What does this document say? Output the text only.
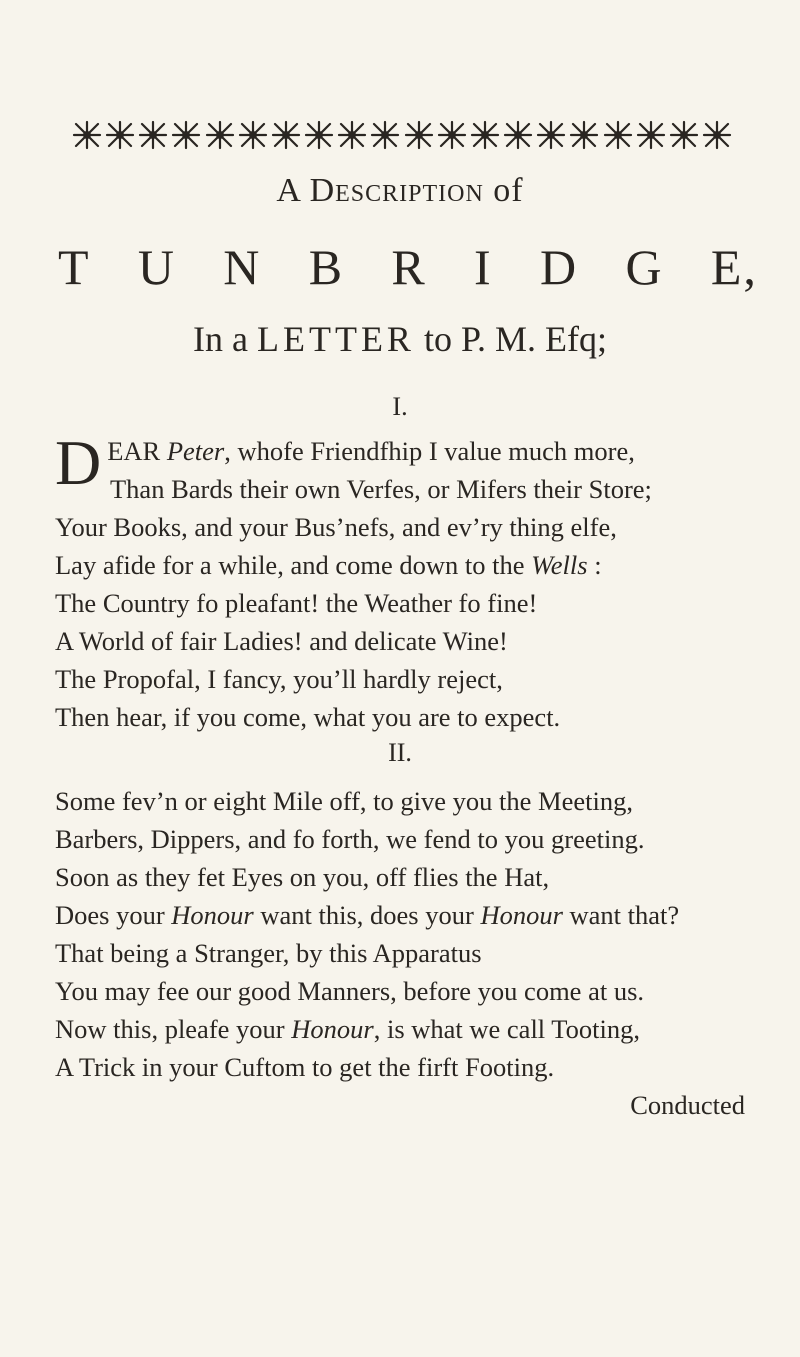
A Description of
T U N B R I D G E,
In a LETTER to P. M. Efq;
I.
DEAR Peter, whofe Friendfhip I value much more,
Than Bards their own Verfes, or Mifers their Store;
Your Books, and your Bus’nefs, and ev’ry thing elfe,
Lay afide for a while, and come down to the Wells :
The Country fo pleafant! the Weather fo fine!
A World of fair Ladies! and delicate Wine!
The Propofal, I fancy, you’ll hardly reject,
Then hear, if you come, what you are to expect.
II.
Some fev’n or eight Mile off, to give you the Meeting,
Barbers, Dippers, and fo forth, we fend to you greeting.
Soon as they fet Eyes on you, off flies the Hat,
Does your Honour want this, does your Honour want that?
That being a Stranger, by this Apparatus
You may fee our good Manners, before you come at us.
Now this, pleafe your Honour, is what we call Tooting,
A Trick in your Cuftom to get the firft Footing.
Conducted
